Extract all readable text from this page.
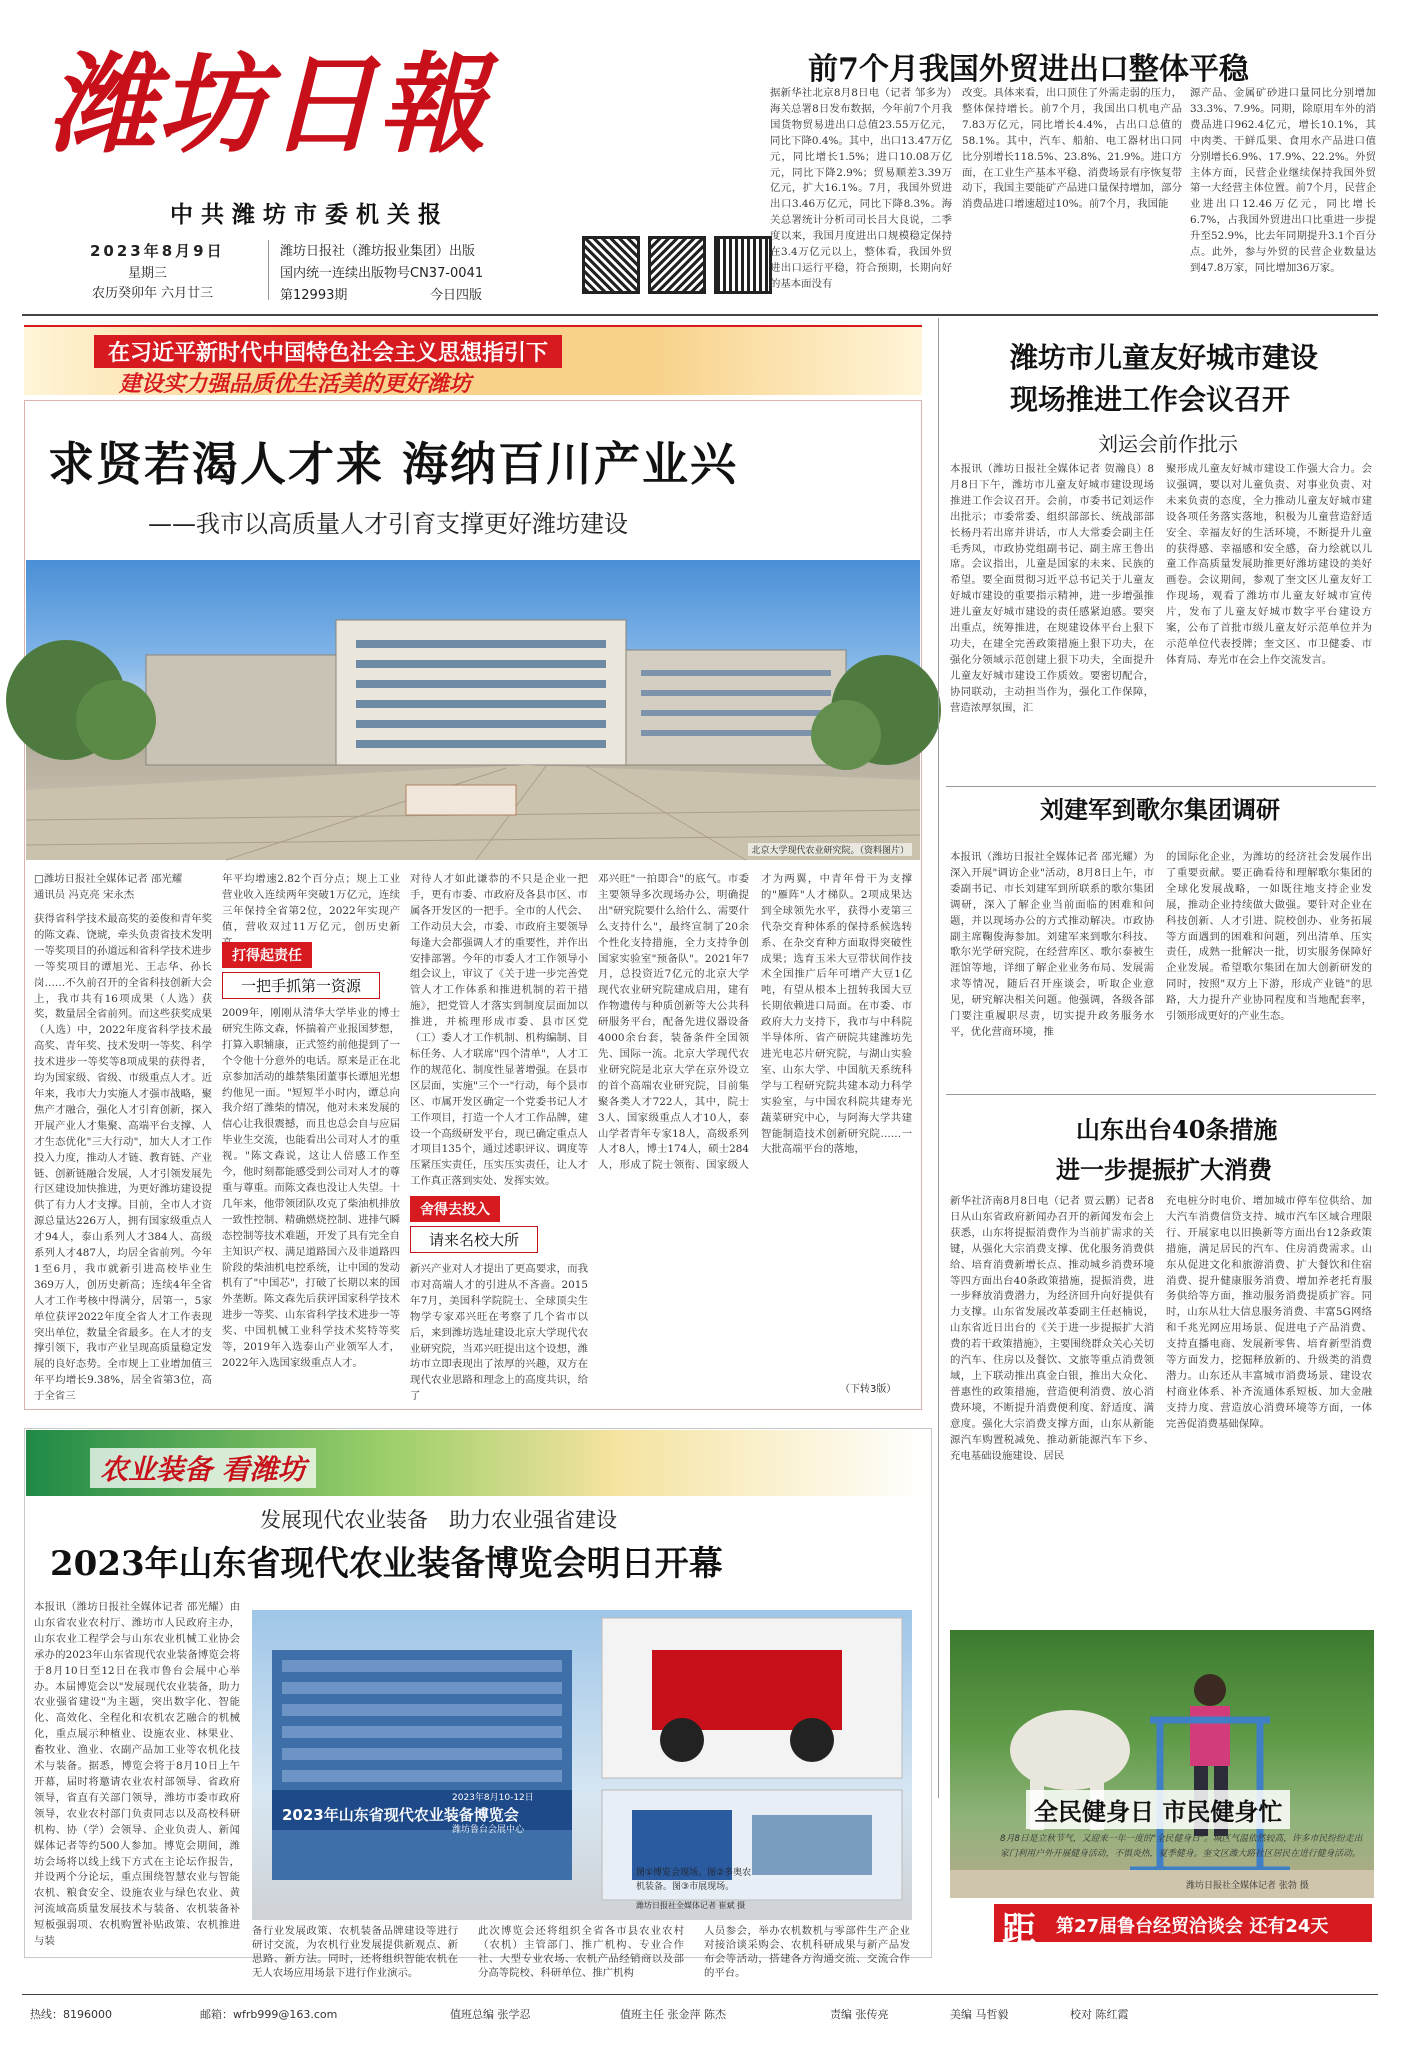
潍坊日報
中共潍坊市委机关报
2023年8月9日
星期三
农历癸卯年 六月廿三
潍坊日报社（潍坊报业集团）出版
国内统一连续出版物号CN37-0041
第12993期	今日四版
前7个月我国外贸进出口整体平稳
据新华社北京8月8日电（记者 邹多为）海关总署8日发布数据，今年前7个月我国货物贸易进出口总值23.55万亿元，同比下降0.4%。其中，出口13.47万亿元，同比增长1.5%；进口10.08万亿元，同比下降2.9%；贸易顺差3.39万亿元，扩大16.1%。7月，我国外贸进出口3.46万亿元，同比下降8.3%。海关总署统计分析司司长吕大良说，二季度以来，我国月度进出口规模稳定保持在3.4万亿元以上，整体看，我国外贸进出口运行平稳，符合预期，长期向好的基本面没有
改变。具体来看，出口顶住了外需走弱的压力，整体保持增长。前7个月，我国出口机电产品7.83万亿元，同比增长4.4%，占出口总值的58.1%。其中，汽车、船舶、电工器材出口同比分别增长118.5%、23.8%、21.9%。进口方面，在工业生产基本平稳、消费场景有序恢复带动下，我国主要能矿产品进口量保持增加，部分消费品进口增速超过10%。前7个月，我国能
源产品、金属矿砂进口量同比分别增加33.3%、7.9%。同期，除原用车外的消费品进口962.4亿元，增长10.1%，其中肉类、干鲜瓜果、食用水产品进口值分别增长6.9%、17.9%、22.2%。外贸主体方面，民营企业继续保持我国外贸第一大经营主体位置。前7个月，民营企业进出口12.46万亿元，同比增长6.7%，占我国外贸进出口比重进一步提升至52.9%，比去年同期提升3.1个百分点。此外，参与外贸的民营企业数量达到47.8万家，同比增加36万家。
在习近平新时代中国特色社会主义思想指引下
建设实力强品质优生活美的更好潍坊
求贤若渴人才来 海纳百川产业兴
——我市以高质量人才引育支撑更好潍坊建设
北京大学现代农业研究院。（资料图片）
□潍坊日报社全媒体记者 邵光耀
通讯员 冯克亮 宋永杰
获得省科学技术最高奖的姜俊和青年奖的陈文森、饶琥，牵头负责省技术发明一等奖项目的孙道远和省科学技术进步一等奖项目的谭旭光、王志华、孙长岗……不久前召开的全省科技创新大会上，我市共有16项成果（人选）获奖，数量居全省前列。而这些获奖成果（人选）中，2022年度省科学技术最高奖、青年奖、技术发明一等奖、科学技术进步一等奖等8项成果的获得者，均为国家级、省级、市级重点人才。近年来，我市大力实施人才强市战略，聚焦产才融合，强化人才引育创新，探入开展产业人才集聚、高端平台支撑、人才生态优化"三大行动"，加大人才工作投入力度，推动人才链、教育链、产业链、创新链融合发展，人才引领发展先行区建设加快推进，为更好潍坊建设提供了有力人才支撑。目前，全市人才资源总量达226万人，拥有国家级重点人才94人，泰山系列人才384人、高级系列人才487人，均居全省前列。今年1至6月，我市就新引进高校毕业生369万人，创历史新高；连续4年全省人才工作考核中得满分，居第一，5家单位获评2022年度全省人才工作表现突出单位，数量全省最多。在人才的支撑引领下，我市产业呈现高质量稳定发展的良好态势。全市规上工业增加值三年平均增长9.38%，居全省第3位，高于全省三
年平均增速2.82个百分点；规上工业营业收入连续两年突破1万亿元，连续三年保持全省第2位，2022年实现产值，营收双过11万亿元，创历史新
打得起责任 一把手抓第一资源
2009年，刚刚从清华大学毕业的博士研究生陈文森，怀揣着产业报国梦想，打算入职辅康，正式签约前他提到了一个令他十分意外的电话。原来是正在北京参加活动的雄禁集团董事长谭旭光想约他见一面。"短短半小时内，谭总向我介绍了潍柴的情况，他对未来发展的信心让我很震撼，而且也总会自与应届毕业生交流，也能看出公司对人才的重视。"陈文森说，这让人倍感工作至今，他时刻都能感受到公司对人才的尊重与尊重。而陈文森也没让人失望。十几年来，他带领团队攻克了柴油机排放一致性控制、精确燃烧控制、进排气瞬态控制等技术难题，开发了具有完全自主知识产权、满足道路国六及非道路四阶段的柴油机电控系统，让中国的发动机有了"中国芯"，打破了长期以来的国外垄断。陈文森先后获评国家科学技术进步一等奖、山东省科学技术进步一等奖、中国机械工业科学技术奖特等奖等，2019年入选泰山产业领军人才，2022年入选国家级重点人才。
对待人才如此谦恭的不只是企业一把手，更有市委、市政府及各县市区、市属各开发区的一把手。全市的人代会、工作动员大会，市委、市政府主要领导每逢大会都强调人才的重要性，并作出安排部署。今年的市委人才工作领导小组会议上，审议了《关于进一步完善党管人才工作体系和推进机制的若干措施》，把党管人才落实到制度层面加以推进，并梳理形成市委、县市区党（工）委人才工作机制、机构编制、目标任务、人才联席"四个清单"，人才工作的规范化、制度性显著增强。在县市区层面，实施"三个一"行动，每个县市区、市属开发区确定一个党委书记人才工作项目，打造一个人才工作品牌，建设一个高级研发平台，现已确定重点人才项目135个，通过述职评议、调度等压紧压实责任，压实压实责任，让人才工作真正落到实处、发挥实效。
舍得去投入 请来名校大所
新兴产业对人才提出了更高要求，而我市对高端人才的引进从不吝啬。2015年7月，美国科学院院士、全球顶尖生物学专家邓兴旺在考察了几个省市以后，来到潍坊选址建设北京大学现代农业研究院，当邓兴旺提出这个设想，潍坊市立即表现出了浓厚的兴趣，双方在现代农业思路和理念上的高度共识，给了
邓兴旺"一拍即合"的底气。市委主要领导多次现场办公，明确提出"研究院要什么给什么、需要什么支持什么"，最终宣制了20余个性化支持措施，全力支持争创国家实验室"预备队"。2021年7月，总投资近7亿元的北京大学现代农业研究院建成启用，建有作物遗传与种质创新等大公共科研服务平台，配备先进仪器设备4000余台套，装备条件全国领先、国际一流。北京大学现代农业研究院是北京大学在京外设立的首个高端农业研究院，目前集聚各类人才722人，其中，院士3人、国家级重点人才10人，泰山学者青年专家18人，高级系列人才8人，博士174人，硕士284人，形成了院士领衔、国家级人才为两翼，中青年骨干为支撑的"雁阵"人才梯队。2项成果达到全球领先水平，获得小麦第三代杂交育种体系的保持系候选转系、在杂交育种方面取得突破性成果；选育玉米大豆带状间作技术全国推广后年可增产大豆1亿吨，有望从根本上扭转我国大豆长期依赖进口局面。在市委、市政府大力支持下，我市与中科院半导体所、省产研院共建潍坊先进光电芯片研究院，与湖山实验室、山东大学、中国航天系统科学与工程研究院共建本动力科学实验室，与中国农科院共建寿光蔬菜研究中心，与阿海大学共建智能制造技术创新研究院……一大批高端平台的落地，
（下转3版）
潍坊市儿童友好城市建设
现场推进工作会议召开
刘运会前作批示
本报讯（潍坊日报社全媒体记者 贺瀚良）8月8日下午，潍坊市儿童友好城市建设现场推进工作会议召开。会前，市委书记刘运作出批示；市委常委、组织部部长、统战部部长杨丹若出席并讲话，市人大常委会副主任毛秀凤，市政协党组副书记、副主席王鲁出席。会议指出，儿童是国家的未来、民族的希望。要全面贯彻习近平总书记关于儿童友好城市建设的重要指示精神，进一步增强推进儿童友好城市建设的责任感紧迫感。要突出重点，统筹推进，在规建设体平台上狠下功夫，在建全完善政策措施上狠下功夫，在强化分领域示范创建上狠下功夫，全面提升儿童友好城市建设工作质效。要密切配合，协同联动，主动担当作为，强化工作保障，营造浓厚氛围，汇
聚形成儿童友好城市建设工作强大合力。会议强调，要以对儿童负责、对事业负责、对未来负责的态度，全力推动儿童友好城市建设各项任务落实落地，积极为儿童营造舒适安全、幸福友好的生活环境，不断提升儿童的获得感、幸福感和安全感，奋力绘就以儿童工作高质量发展助推更好潍坊建设的美好画卷。会议期间，参观了奎文区儿童友好工作现场，观看了潍坊市儿童友好城市宣传片，发布了儿童友好城市数字平台建设方案，公布了首批市级儿童友好示范单位并为示范单位代表授牌；奎文区、市卫健委、市体育局、寿光市在会上作交流发言。
刘建军到歌尔集团调研
本报讯（潍坊日报社全媒体记者 邵光耀）为深入开展"调访企业"活动，8月8日上午，市委副书记、市长刘建军到所联系的歌尔集团调研，深入了解企业当前面临的困难和问题，并以现场办公的方式推动解决。市政协副主席鞠俊海参加。刘建军来到歌尔科技、歌尔光学研究院，在经营库区、歌尔泰被生涯馆等地，详细了解企业业务布局、发展需求等情况，随后召开座谈会，听取企业意见，研究解决相关问题。他强调，各级各部门要注重履职尽责，切实提升政务服务水平，优化营商环境，推
的国际化企业，为潍坊的经济社会发展作出了重要贡献。要正确看待和理解歌尔集团的全球化发展战略，一如既往地支持企业发展，推动企业持续做大做强。要针对企业在科技创新、人才引进、院校创办、业务拓展等方面遇到的困难和问题，列出清单、压实责任，成熟一批解决一批，切实服务保障好企业发展。希望歌尔集团在加大创新研发的同时，按照"双方上下游，形成产业链"的思路，大力提升产业协同程度和当地配套率，引领形成更好的产业生态。
山东出台40条措施
进一步提振扩大消费
新华社济南8月8日电（记者 贾云鹏）记者8日从山东省政府新闻办召开的新闻发布会上获悉，山东将提振消费作为当前扩需求的关键，从强化大宗消费支撑、优化服务消费供给、培育消费新增长点、推动城乡消费环境等四方面出台40条政策措施，提振消费，进一步释放消费潜力，为经济回升向好提供有力支撑。山东省发展改革委副主任赵楠说，山东省近日出台的《关于进一步提振扩大消费的若干政策措施》，主要围绕群众关心关切的汽车、住房以及餐饮、文旅等重点消费领域，上下联动推出真金白银，推出大众化、普惠性的政策措施，营造便利消费、放心消费环境，不断提升消费便利度、舒适度、满意度。强化大宗消费支撑方面，山东从新能源汽车购置税减免、推动新能源汽车下乡、充电基础设施建设、居民
充电桩分时电价、增加城市停车位供给、加大汽车消费信贷支持、城市汽车区域合理限行、开展家电以旧换新等方面出台12条政策措施，满足居民的汽车、住房消费需求。山东从促进文化和旅游消费、扩大餐饮和住宿消费、提升健康服务消费、增加养老托育服务供给等方面，推动服务消费提质扩容。同时，山东从壮大信息服务消费、丰富5G网络和千兆光网应用场景、促进电子产品消费、支持直播电商、发展新零售、培育新型消费等方面发力，挖掘释放新的、升级类的消费潜力。山东还从丰富城市消费场景、建设农村商业体系、补齐流通体系短板、加大金融支持力度、营造放心消费环境等方面，一体完善促消费基础保障。
全民健身日 市民健身忙
8月8日是立秋节气，又迎来一年一度的"全民健身日"。城区气温依然较高，许多市民纷纷走出家门利用户外开展健身活动，不惧炎热，夏季健身。奎文区潍大路社区居民在进行健身活动。
潍坊日报社全媒体记者 张勃 摄
距 第27届鲁台经贸洽谈会 还有24天
农业装备 看潍坊
发展现代农业装备　助力农业强省建设
2023年山东省现代农业装备博览会明日开幕
本报讯（潍坊日报社全媒体记者 邵光耀）由山东省农业农村厅、潍坊市人民政府主办，山东农业工程学会与山东农业机械工业协会承办的2023年山东省现代农业装备博览会将于8月10日至12日在我市鲁台会展中心举办。本届博览会以"发展现代农业装备，助力农业强省建设"为主题，突出数字化、智能化、高效化、全程化和农机农艺融合的机械化，重点展示种植业、设施农业、林果业、畜牧业、渔业、农副产品加工业等农机化技术与装备。据悉，博览会将于8月10日上午开幕，届时将邀请农业农村部领导、省政府领导，省直有关部门领导，潍坊市委市政府领导，农业农村部门负责同志以及高校科研机构、协（学）会领导、企业负责人、新闻媒体记者等约500人参加。博览会期间，潍坊会场将以线上线下方式在主论坛作报告，并设两个分论坛，重点围绕智慧农业与智能农机、粮食安全、设施农业与绿色农业、黄河流域高质量发展技术与装备、农机装备补短板强弱项、农机购置补贴政策、农机推进与装
2023年山东省现代农业装备博览会
2023年8月10-12日
潍坊鲁台会展中心
图①博览会现场。图②多奥农机装备。图③市展现场。
潍坊日报社全媒体记者 崔斌 摄
备行业发展政策、农机装备品牌建设等进行研讨交流，为农机行业发展提供新观点、新思路、新方法。同时，还将组织智能农机在无人农场应用场景下进行作业演示。
此次博览会还将组织全省各市县农业农村（农机）主管部门、推广机构、专业合作社、大型专业农场、农机产品经销商以及部分高等院校、科研单位、推广机构
人员参会，举办农机数机与零部件生产企业对接洽谈采购会、农机科研成果与新产品发布会等活动，搭建各方沟通交流、交流合作的平台。
热线：8196000	邮箱：wfrb999@163.com	值班总编 张学忍	值班主任 张金萍 陈杰	责编 张传亮	美编 马哲毅	校对 陈红霞
